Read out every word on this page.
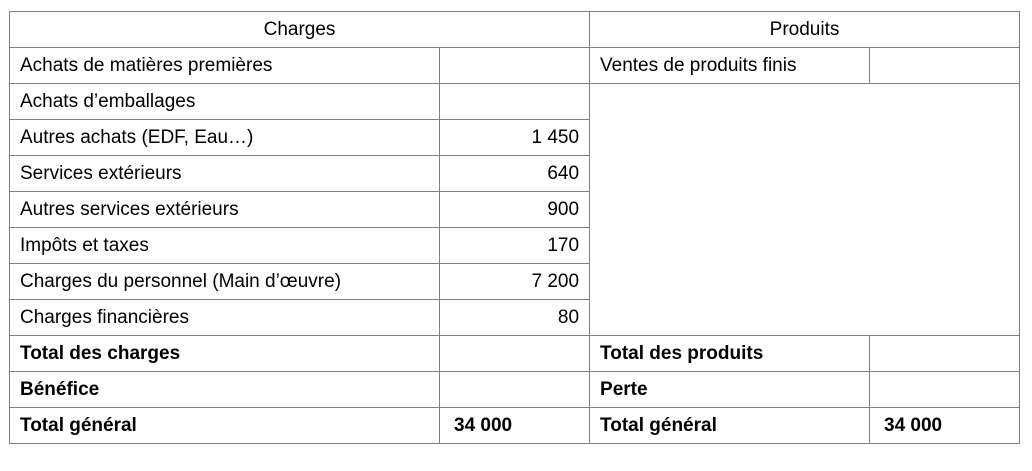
Charges		Produits	
Achats de matières premières		Ventes de produits finis	
Achats d’emballages			
Autres achats (EDF, Eau…)	1 450		
Services extérieurs	640		
Autres services extérieurs	900		
Impôts et taxes	170		
Charges du personnel (Main d’œuvre)	7 200		
Charges financières	80		
Total des charges		Total des produits	
Bénéfice		Perte	
Total général	34 000	Total général	34 000
